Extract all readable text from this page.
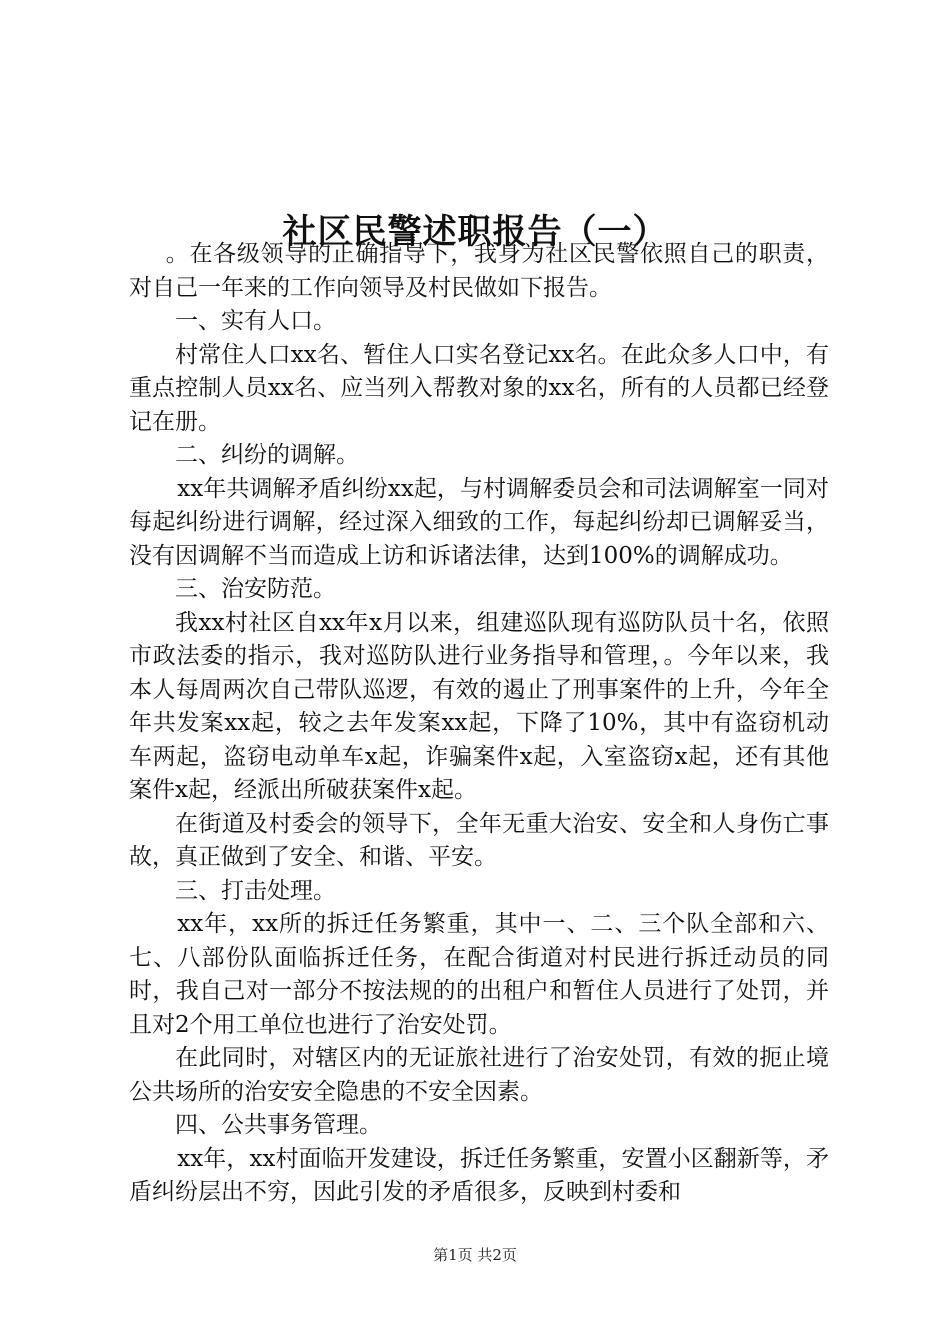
社区民警述职报告（一）

。在各级领导的正确指导下，我身为社区民警依照自己的职责，对自己一年来的工作向领导及村民做如下报告。

一、实有人口。

村常住人口xx名、暂住人口实名登记xx名。在此众多人口中，有重点控制人员xx名、应当列入帮教对象的xx名，所有的人员都已经登记在册。

二、纠纷的调解。

xx年共调解矛盾纠纷xx起，与村调解委员会和司法调解室一同对每起纠纷进行调解，经过深入细致的工作，每起纠纷却已调解妥当，没有因调解不当而造成上访和诉诸法律，达到100%的调解成功。

三、治安防范。

我xx村社区自xx年x月以来，组建巡队现有巡防队员十名，依照市政法委的指示，我对巡防队进行业务指导和管理，。今年以来，我本人每周两次自己带队巡逻，有效的遏止了刑事案件的上升，今年全年共发案xx起，较之去年发案xx起，下降了10%，其中有盗窃机动车两起，盗窃电动单车x起，诈骗案件x起，入室盗窃x起，还有其他案件x起，经派出所破获案件x起。

在街道及村委会的领导下，全年无重大治安、安全和人身伤亡事故，真正做到了安全、和谐、平安。

三、打击处理。

xx年，xx所的拆迁任务繁重，其中一、二、三个队全部和六、七、八部份队面临拆迁任务，在配合街道对村民进行拆迁动员的同时，我自己对一部分不按法规的的出租户和暂住人员进行了处罚，并且对2个用工单位也进行了治安处罚。

在此同时，对辖区内的无证旅社进行了治安处罚，有效的扼止境公共场所的治安安全隐患的不安全因素。

四、公共事务管理。

xx年，xx村面临开发建设，拆迁任务繁重，安置小区翻新等，矛盾纠纷层出不穷，因此引发的矛盾很多，反映到村委和

第1页 共2页
